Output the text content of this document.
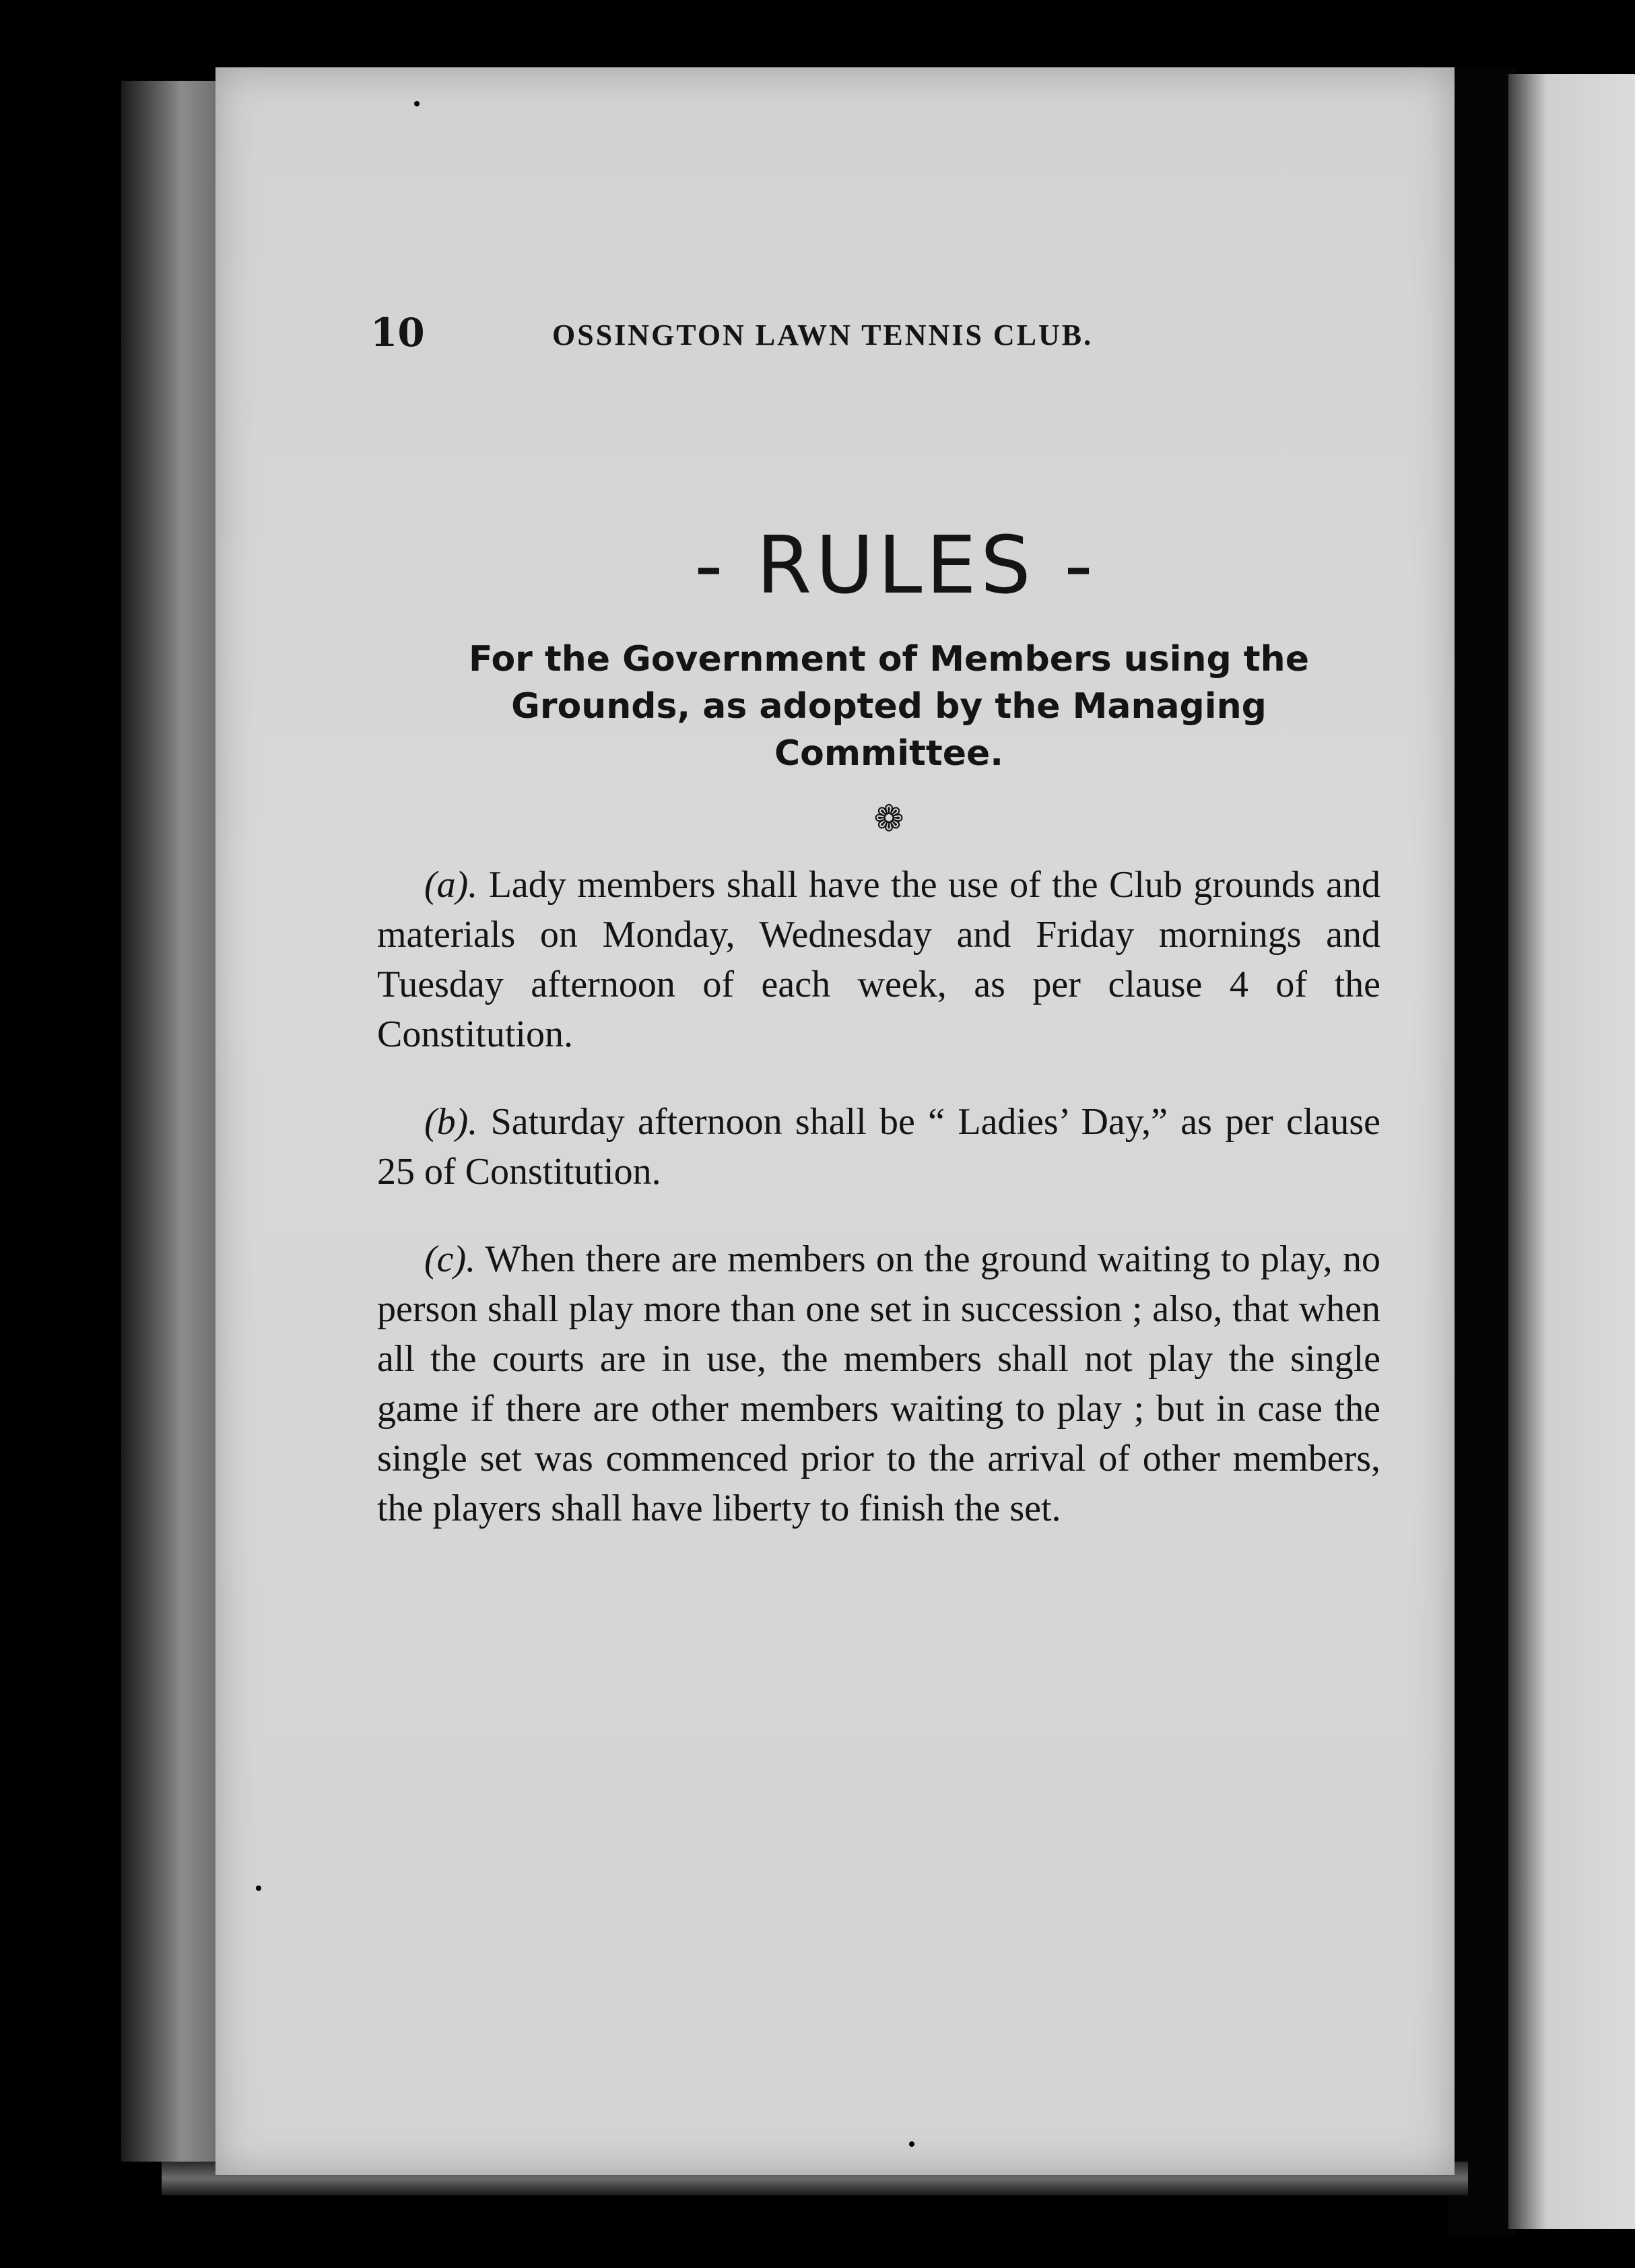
10	OSSINGTON LAWN TENNIS CLUB.
- RULES -
For the Government of Members using the Grounds, as adopted by the Managing Committee.
❁

(a). Lady members shall have the use of the Club grounds and materials on Monday, Wednesday and Friday mornings and Tuesday afternoon of each week, as per clause 4 of the Constitution.

(b). Saturday afternoon shall be “ Ladies’ Day,” as per clause 25 of Constitution.

(c). When there are members on the ground waiting to play, no person shall play more than one set in succession ; also, that when all the courts are in use, the members shall not play the single game if there are other members waiting to play ; but in case the single set was commenced prior to the arrival of other members, the players shall have liberty to finish the set.
